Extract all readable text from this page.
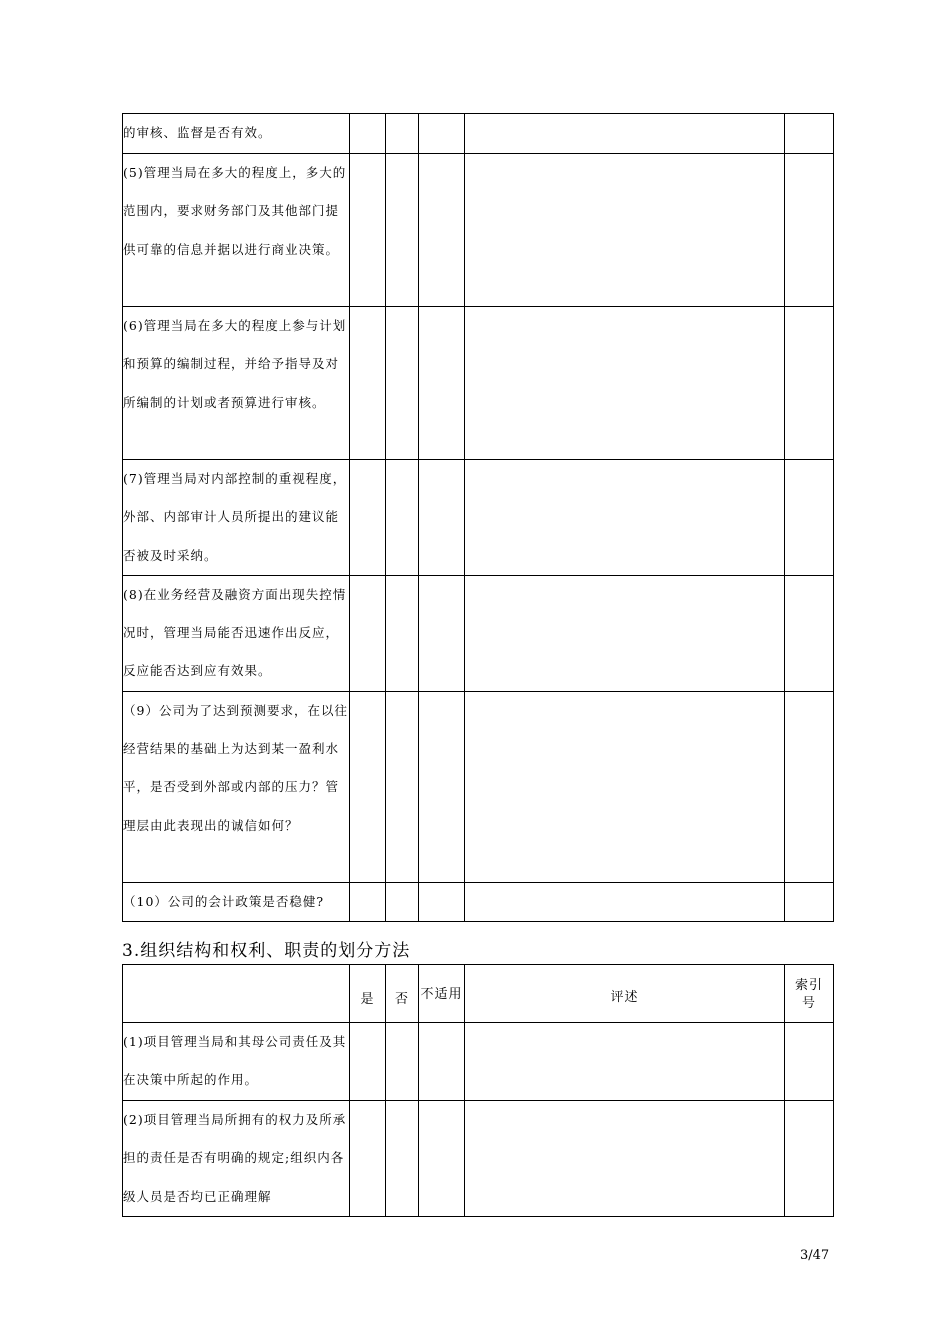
的审核、监督是否有效。					
(5)管理当局在多大的程度上，多大的范围内，要求财务部门及其他部门提供可靠的信息并据以进行商业决策。					
(6)管理当局在多大的程度上参与计划和预算的编制过程，并给予指导及对所编制的计划或者预算进行审核。					
(7)管理当局对内部控制的重视程度，外部、内部审计人员所提出的建议能否被及时采纳。					
(8)在业务经营及融资方面出现失控情况时，管理当局能否迅速作出反应，反应能否达到应有效果。					
（9）公司为了达到预测要求，在以往经营结果的基础上为达到某一盈利水平，是否受到外部或内部的压力？管理层由此表现出的诚信如何？					
（10）公司的会计政策是否稳健?					
3.组织结构和权利、职责的划分方法
	是	否	不适用	评述	索引
号

(1)项目管理当局和其母公司责任及其在决策中所起的作用。					
(2)项目管理当局所拥有的权力及所承担的责任是否有明确的规定;组织内各级人员是否均已正确理解					
3/47
